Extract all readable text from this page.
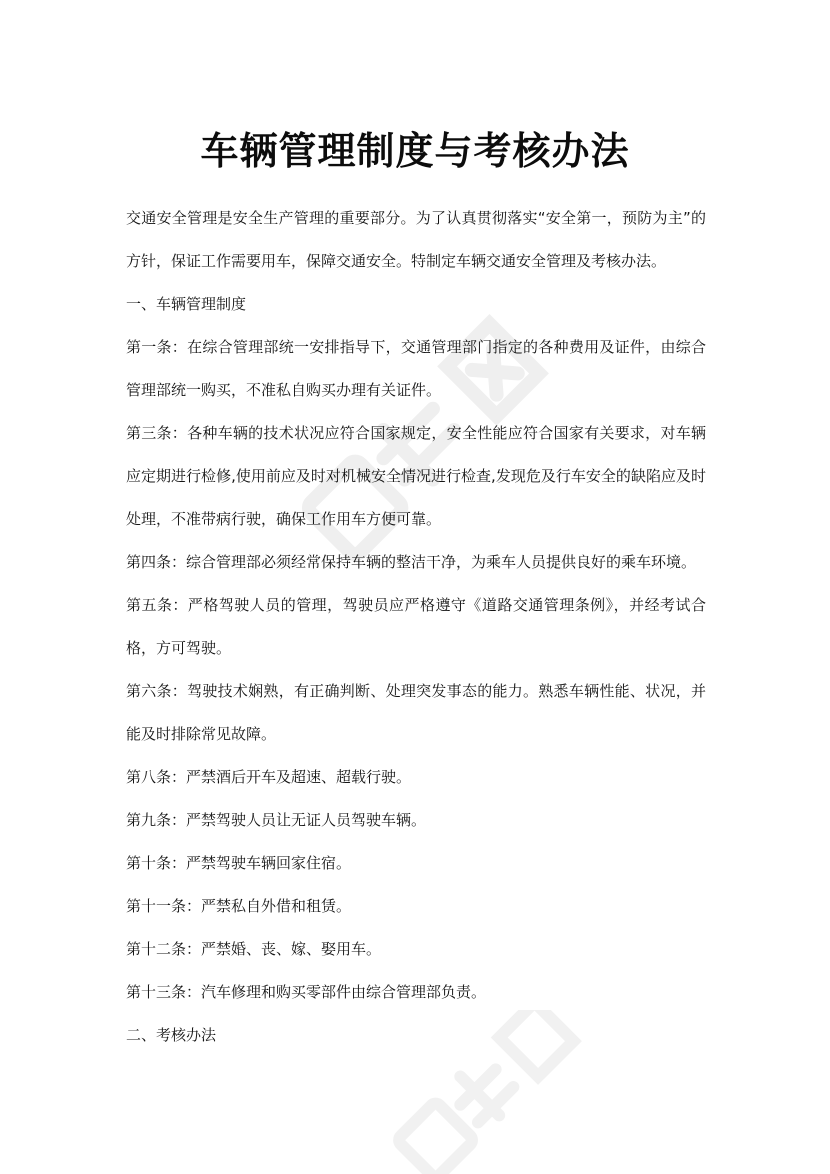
车辆管理制度与考核办法

交通安全管理是安全生产管理的重要部分。为了认真贯彻落实“安全第一，预防为主”的方针，保证工作需要用车，保障交通安全。特制定车辆交通安全管理及考核办法。

一、车辆管理制度

第一条：在综合管理部统一安排指导下，交通管理部门指定的各种费用及证件，由综合管理部统一购买，不准私自购买办理有关证件。

第三条：各种车辆的技术状况应符合国家规定，安全性能应符合国家有关要求，对车辆应定期进行检修,使用前应及时对机械安全情况进行检查,发现危及行车安全的缺陷应及时处理，不准带病行驶，确保工作用车方便可靠。

第四条：综合管理部必须经常保持车辆的整洁干净，为乘车人员提供良好的乘车环境。

第五条：严格驾驶人员的管理，驾驶员应严格遵守《道路交通管理条例》，并经考试合格，方可驾驶。

第六条：驾驶技术娴熟，有正确判断、处理突发事态的能力。熟悉车辆性能、状况，并能及时排除常见故障。

第八条：严禁酒后开车及超速、超载行驶。

第九条：严禁驾驶人员让无证人员驾驶车辆。

第十条：严禁驾驶车辆回家住宿。

第十一条：严禁私自外借和租赁。

第十二条：严禁婚、丧、嫁、娶用车。

第十三条：汽车修理和购买零部件由综合管理部负责。

二、考核办法
